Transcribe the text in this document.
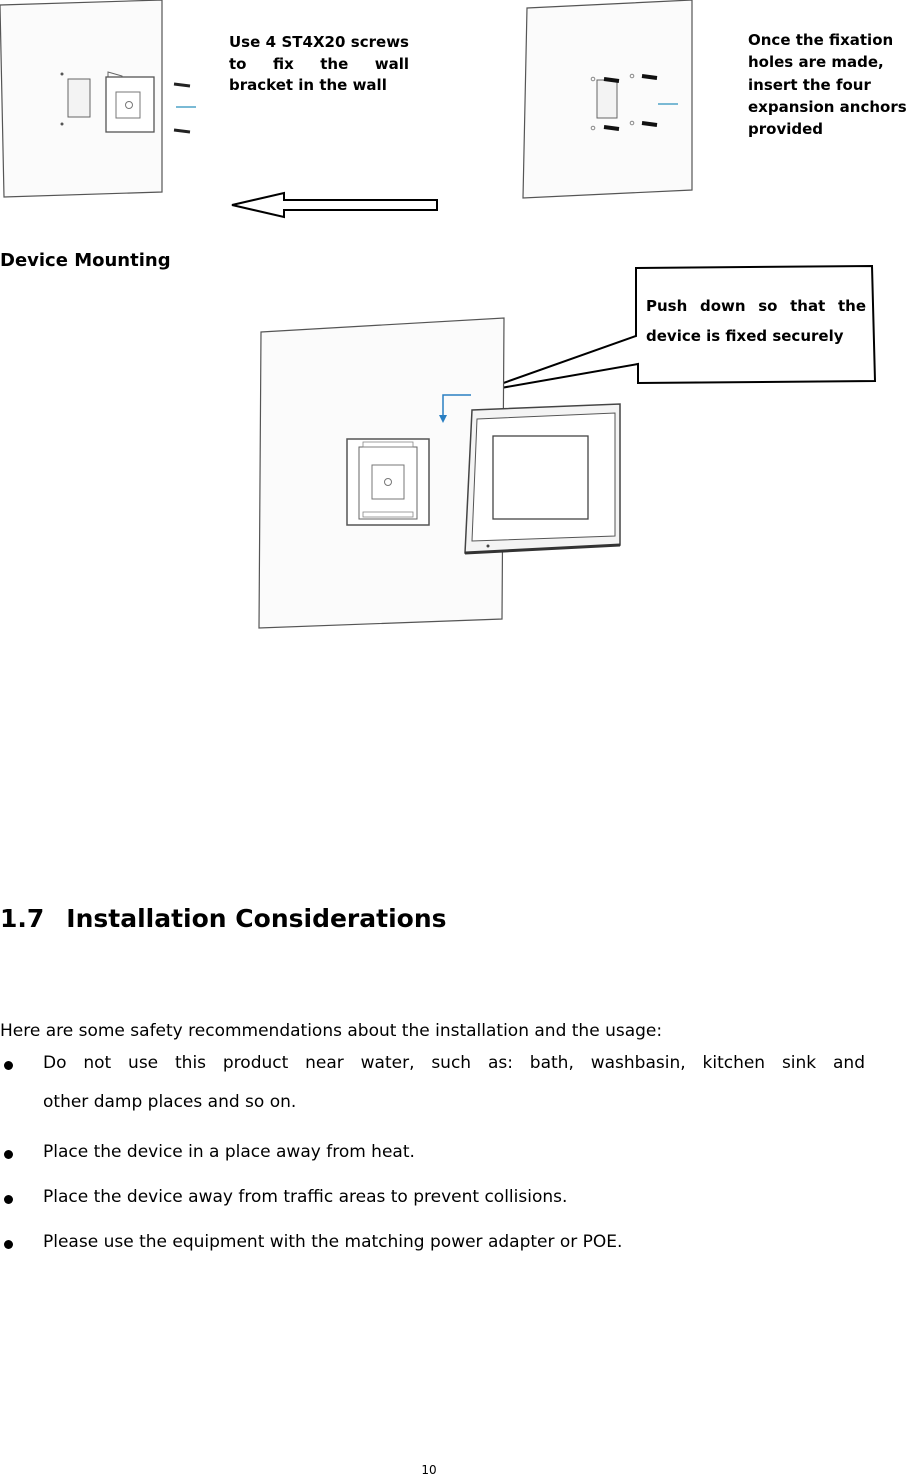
Use 4 ST4X20 screws
to fix the wall
bracket in the wall
Once the fixation
holes are made,
insert the four
expansion anchors
provided
Device Mounting
Push down so that the
device is fixed securely
1.7 Installation Considerations
Here are some safety recommendations about the installation and the usage:
Do not use this product near water, such as: bath, washbasin, kitchen sink and
other damp places and so on.
Place the device in a place away from heat.
Place the device away from traffic areas to prevent collisions.
Please use the equipment with the matching power adapter or POE.
10
